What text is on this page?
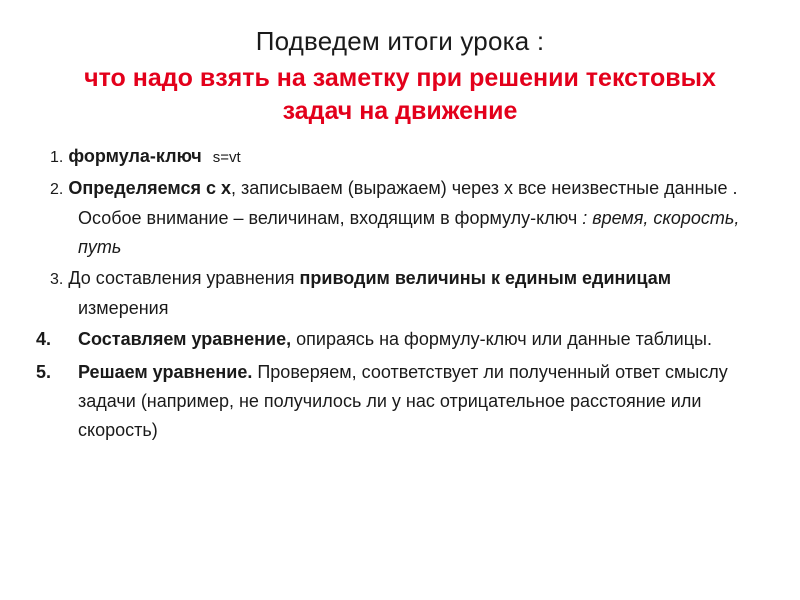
Подведем итоги урока :
что надо взять на заметку при решении текстовых задач на движение
1. формула-ключ s=vt
2. Определяемся с х, записываем (выражаем) через х все неизвестные данные . Особое внимание – величинам, входящим в формулу-ключ : время, скорость, путь
3. До составления уравнения приводим величины к единым единицам измерения
4. Составляем уравнение, опираясь на формулу-ключ или данные таблицы.
5. Решаем уравнение. Проверяем, соответствует ли полученный ответ смыслу задачи (например, не получилось ли у нас отрицательное расстояние или скорость)
